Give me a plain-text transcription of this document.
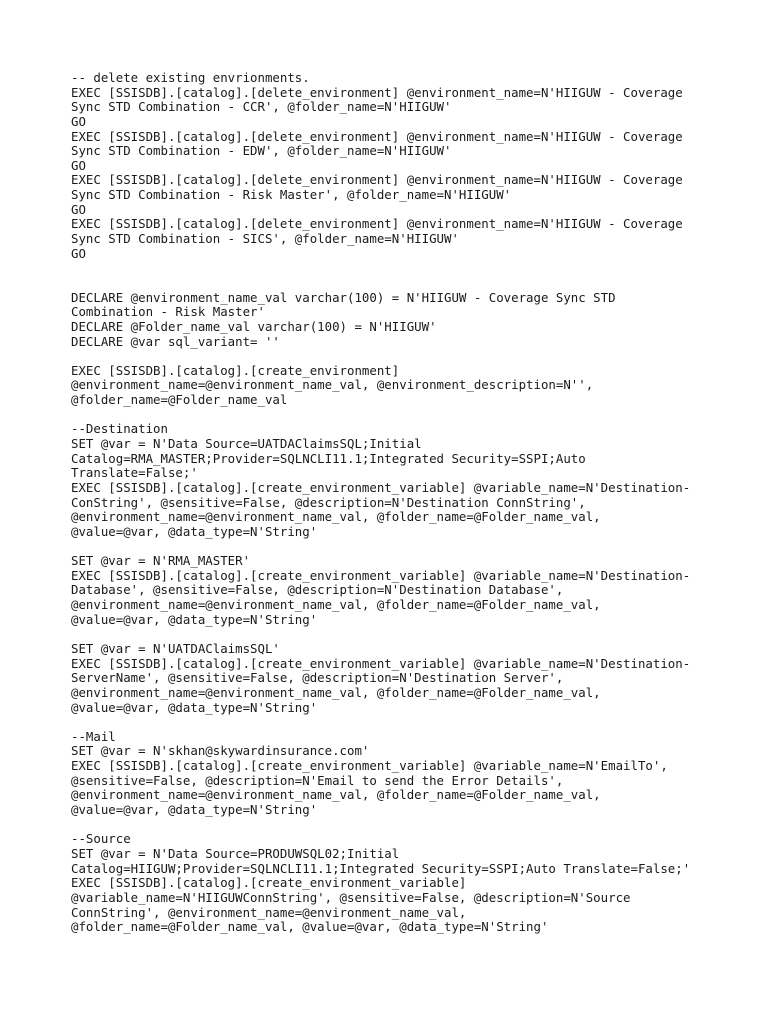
-- delete existing envrionments.
EXEC [SSISDB].[catalog].[delete_environment] @environment_name=N'HIIGUW - Coverage
Sync STD Combination - CCR', @folder_name=N'HIIGUW'
GO
EXEC [SSISDB].[catalog].[delete_environment] @environment_name=N'HIIGUW - Coverage
Sync STD Combination - EDW', @folder_name=N'HIIGUW'
GO
EXEC [SSISDB].[catalog].[delete_environment] @environment_name=N'HIIGUW - Coverage
Sync STD Combination - Risk Master', @folder_name=N'HIIGUW'
GO
EXEC [SSISDB].[catalog].[delete_environment] @environment_name=N'HIIGUW - Coverage
Sync STD Combination - SICS', @folder_name=N'HIIGUW'
GO
DECLARE @environment_name_val varchar(100) = N'HIIGUW - Coverage Sync STD
Combination - Risk Master'
DECLARE @Folder_name_val varchar(100) = N'HIIGUW'
DECLARE @var sql_variant= ''
EXEC [SSISDB].[catalog].[create_environment]
@environment_name=@environment_name_val, @environment_description=N'',
@folder_name=@Folder_name_val
--Destination
SET @var = N'Data Source=UATDAClaimsSQL;Initial
Catalog=RMA_MASTER;Provider=SQLNCLI11.1;Integrated Security=SSPI;Auto
Translate=False;'
EXEC [SSISDB].[catalog].[create_environment_variable] @variable_name=N'Destination-
ConString', @sensitive=False, @description=N'Destination ConnString',
@environment_name=@environment_name_val, @folder_name=@Folder_name_val,
@value=@var, @data_type=N'String'
SET @var = N'RMA_MASTER'
EXEC [SSISDB].[catalog].[create_environment_variable] @variable_name=N'Destination-
Database', @sensitive=False, @description=N'Destination Database',
@environment_name=@environment_name_val, @folder_name=@Folder_name_val,
@value=@var, @data_type=N'String'
SET @var = N'UATDAClaimsSQL'
EXEC [SSISDB].[catalog].[create_environment_variable] @variable_name=N'Destination-
ServerName', @sensitive=False, @description=N'Destination Server',
@environment_name=@environment_name_val, @folder_name=@Folder_name_val,
@value=@var, @data_type=N'String'
--Mail
SET @var = N'skhan@skywardinsurance.com'
EXEC [SSISDB].[catalog].[create_environment_variable] @variable_name=N'EmailTo',
@sensitive=False, @description=N'Email to send the Error Details',
@environment_name=@environment_name_val, @folder_name=@Folder_name_val,
@value=@var, @data_type=N'String'
--Source
SET @var = N'Data Source=PRODUWSQL02;Initial
Catalog=HIIGUW;Provider=SQLNCLI11.1;Integrated Security=SSPI;Auto Translate=False;'
EXEC [SSISDB].[catalog].[create_environment_variable]
@variable_name=N'HIIGUWConnString', @sensitive=False, @description=N'Source
ConnString', @environment_name=@environment_name_val,
@folder_name=@Folder_name_val, @value=@var, @data_type=N'String'
